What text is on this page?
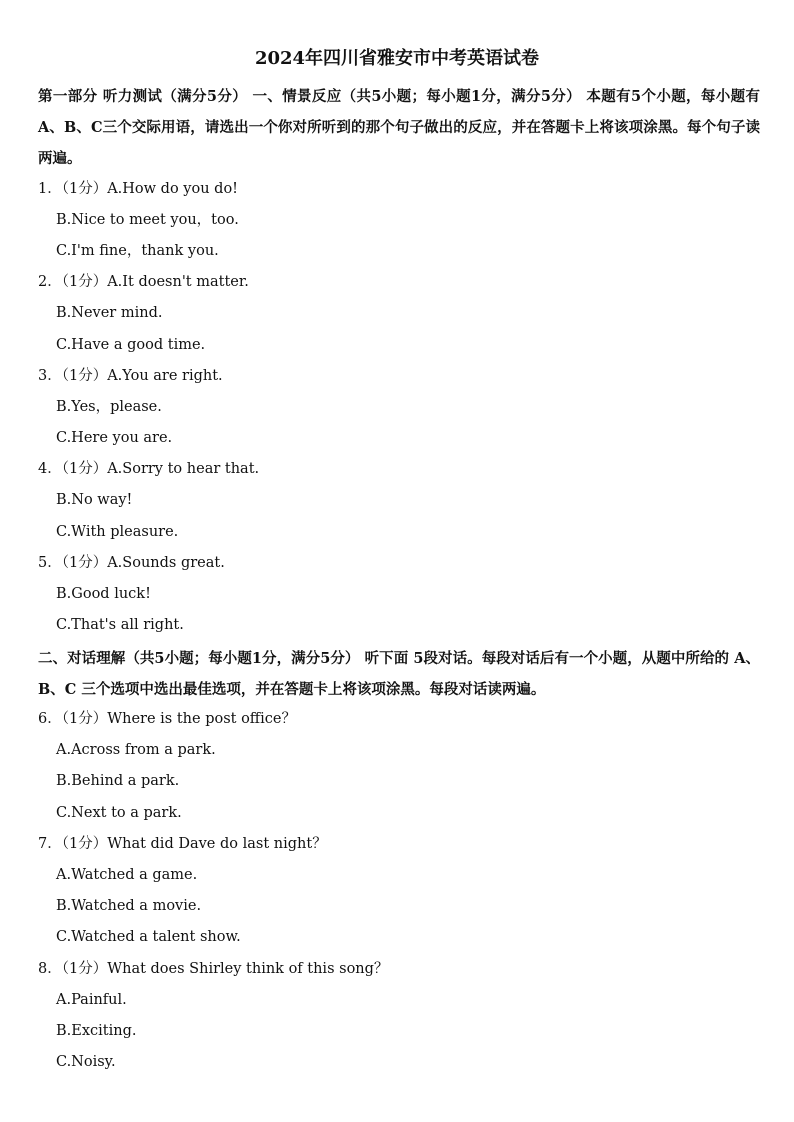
2024年四川省雅安市中考英语试卷
第一部分 听力测试（满分5分） 一、情景反应（共5小题；每小题1分，满分5分） 本题有5个小题，每小题有A、B、C三个交际用语，请选出一个你对所听到的那个句子做出的反应，并在答题卡上将该项涂黑。每个句子读两遍。
1．（1分）A.How do you do!
B.Nice to meet you，too.
C.I'm fine，thank you.
2．（1分）A.It doesn't matter.
B.Never mind.
C.Have a good time.
3．（1分）A.You are right.
B.Yes，please.
C.Here you are.
4．（1分）A.Sorry to hear that.
B.No way!
C.With pleasure.
5．（1分）A.Sounds great.
B.Good luck!
C.That's all right.
二、对话理解（共5小题；每小题1分，满分5分） 听下面 5段对话。每段对话后有一个小题，从题中所给的 A、B、C 三个选项中选出最佳选项，并在答题卡上将该项涂黑。每段对话读两遍。
6．（1分）Where is the post office？
A.Across from a park.
B.Behind a park.
C.Next to a park.
7．（1分）What did Dave do last night？
A.Watched a game.
B.Watched a movie.
C.Watched a talent show.
8．（1分）What does Shirley think of this song？
A.Painful.
B.Exciting.
C.Noisy.
